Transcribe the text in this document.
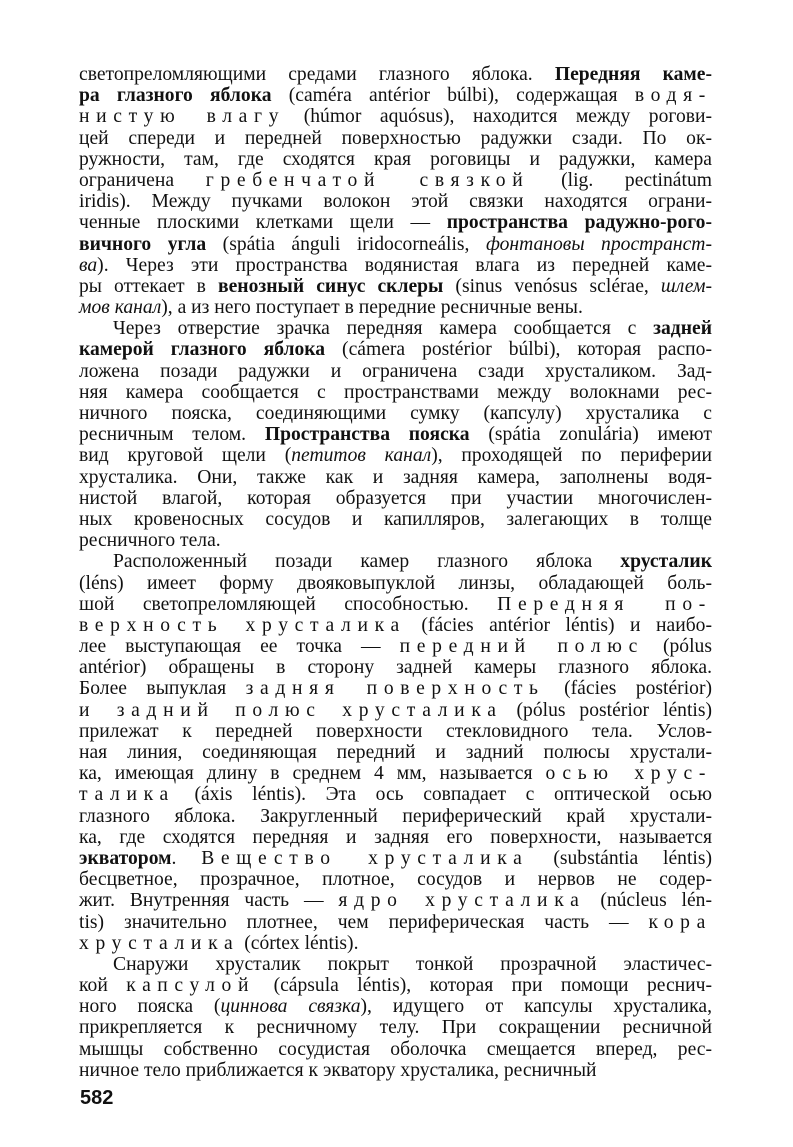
светопреломляющими средами глазного яблока. Передняя каме-
ра глазного яблока (caméra antérior búlbi), содержащая водя-
нистую влагу (húmor aquósus), находится между рогови-
цей спереди и передней поверхностью радужки сзади. По ок-
ружности, там, где сходятся края роговицы и радужки, камера
ограничена гребенчатой связкой (lig. pectinátum
iridis). Между пучками волокон этой связки находятся ограни-
ченные плоскими клетками щели — пространства радужно-рого-
вичного угла (spátia ánguli iridocorneális, фонтановы пространст-
ва). Через эти пространства водянистая влага из передней каме-
ры оттекает в венозный синус склеры (sinus venósus sclérae, шлем-
мов канал), а из него поступает в передние ресничные вены.
Через отверстие зрачка передняя камера сообщается с задней
камерой глазного яблока (cámera postérior búlbi), которая распо-
ложена позади радужки и ограничена сзади хрусталиком. Зад-
няя камера сообщается с пространствами между волокнами рес-
ничного пояска, соединяющими сумку (капсулу) хрусталика с
ресничным телом. Пространства пояска (spátia zonulária) имеют
вид круговой щели (петитов канал), проходящей по периферии
хрусталика. Они, также как и задняя камера, заполнены водя-
нистой влагой, которая образуется при участии многочислен-
ных кровеносных сосудов и капилляров, залегающих в толще
ресничного тела.
Расположенный позади камер глазного яблока хрусталик
(léns) имеет форму двояковыпуклой линзы, обладающей боль-
шой светопреломляющей способностью. Передняя по-
верхность хрусталика (fácies antérior léntis) и наибо-
лее выступающая ее точка — передний полюс (pólus
antérior) обращены в сторону задней камеры глазного яблока.
Более выпуклая задняя поверхность (fácies postérior)
и задний полюс хрусталика (pólus postérior léntis)
прилежат к передней поверхности стекловидного тела. Услов-
ная линия, соединяющая передний и задний полюсы хрустали-
ка, имеющая длину в среднем 4 мм, называется осью хрус-
талика (áxis léntis). Эта ось совпадает с оптической осью
глазного яблока. Закругленный периферический край хрустали-
ка, где сходятся передняя и задняя его поверхности, называется
экватором. Вещество хрусталика (substántia léntis)
бесцветное, прозрачное, плотное, сосудов и нервов не содер-
жит. Внутренняя часть — ядро хрусталика (núcleus lén-
tis) значительно плотнее, чем периферическая часть — кора
хрусталика (córtex léntis).
Снаружи хрусталик покрыт тонкой прозрачной эластичес-
кой капсулой (cápsula léntis), которая при помощи реснич-
ного пояска (циннова связка), идущего от капсулы хрусталика,
прикрепляется к ресничному телу. При сокращении ресничной
мышцы собственно сосудистая оболочка смещается вперед, рес-
ничное тело приближается к экватору хрусталика, ресничный
582
